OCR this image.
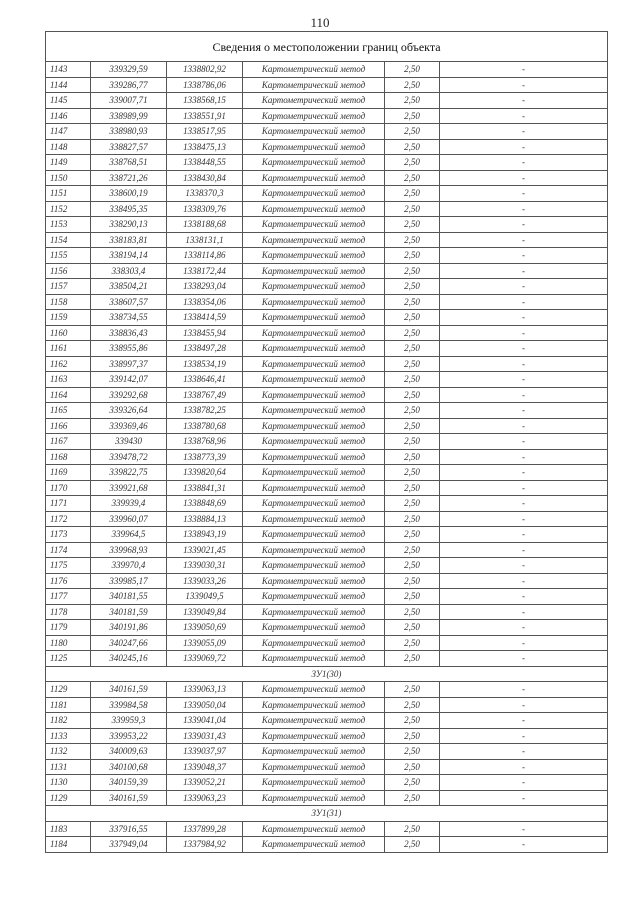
110
Сведения о местоположении границ объекта					
1143	339329,59	1338802,92	Картометрический метод	2,50	-
1144	339286,77	1338786,06	Картометрический метод	2,50	-
1145	339007,71	1338568,15	Картометрический метод	2,50	-
1146	338989,99	1338551,91	Картометрический метод	2,50	-
1147	338980,93	1338517,95	Картометрический метод	2,50	-
1148	338827,57	1338475,13	Картометрический метод	2,50	-
1149	338768,51	1338448,55	Картометрический метод	2,50	-
1150	338721,26	1338430,84	Картометрический метод	2,50	-
1151	338600,19	1338370,3	Картометрический метод	2,50	-
1152	338495,35	1338309,76	Картометрический метод	2,50	-
1153	338290,13	1338188,68	Картометрический метод	2,50	-
1154	338183,81	1338131,1	Картометрический метод	2,50	-
1155	338194,14	1338114,86	Картометрический метод	2,50	-
1156	338303,4	1338172,44	Картометрический метод	2,50	-
1157	338504,21	1338293,04	Картометрический метод	2,50	-
1158	338607,57	1338354,06	Картометрический метод	2,50	-
1159	338734,55	1338414,59	Картометрический метод	2,50	-
1160	338836,43	1338455,94	Картометрический метод	2,50	-
1161	338955,86	1338497,28	Картометрический метод	2,50	-
1162	338997,37	1338534,19	Картометрический метод	2,50	-
1163	339142,07	1338646,41	Картометрический метод	2,50	-
1164	339292,68	1338767,49	Картометрический метод	2,50	-
1165	339326,64	1338782,25	Картометрический метод	2,50	-
1166	339369,46	1338780,68	Картометрический метод	2,50	-
1167	339430	1338768,96	Картометрический метод	2,50	-
1168	339478,72	1338773,39	Картометрический метод	2,50	-
1169	339822,75	1339820,64	Картометрический метод	2,50	-
1170	339921,68	1338841,31	Картометрический метод	2,50	-
1171	339939,4	1338848,69	Картометрический метод	2,50	-
1172	339960,07	1338884,13	Картометрический метод	2,50	-
1173	339964,5	1338943,19	Картометрический метод	2,50	-
1174	339968,93	1339021,45	Картометрический метод	2,50	-
1175	339970,4	1339030,31	Картометрический метод	2,50	-
1176	339985,17	1339033,26	Картометрический метод	2,50	-
1177	340181,55	1339049,5	Картометрический метод	2,50	-
1178	340181,59	1339049,84	Картометрический метод	2,50	-
1179	340191,86	1339050,69	Картометрический метод	2,50	-
1180	340247,66	1339055,09	Картометрический метод	2,50	-
1125	340245,16	1339069,72	Картометрический метод	2,50	-
ЗУ1(30)					
1129	340161,59	1339063,13	Картометрический метод	2,50	-
1181	339984,58	1339050,04	Картометрический метод	2,50	-
1182	339959,3	1339041,04	Картометрический метод	2,50	-
1133	339953,22	1339031,43	Картометрический метод	2,50	-
1132	340009,63	1339037,97	Картометрический метод	2,50	-
1131	340100,68	1339048,37	Картометрический метод	2,50	-
1130	340159,39	1339052,21	Картометрический метод	2,50	-
1129	340161,59	1339063,23	Картометрический метод	2,50	-
ЗУ1(31)					
1183	337916,55	1337899,28	Картометрический метод	2,50	-
1184	337949,04	1337984,92	Картометрический метод	2,50	-
